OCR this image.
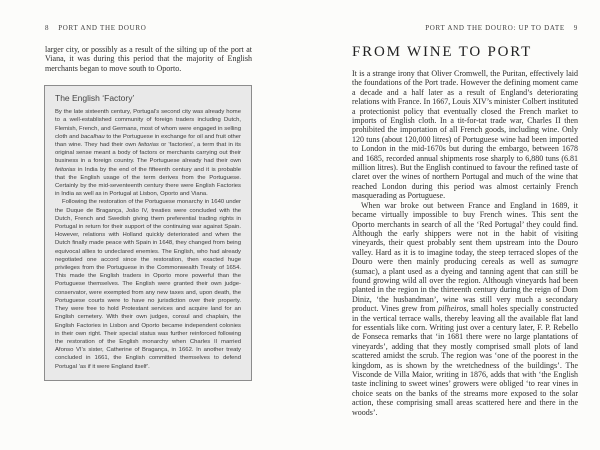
8 PORT AND THE DOURO

larger city, or possibly as a result of the silting up of the port at Viana, it was during this period that the majority of English merchants began to move south to Oporto.

The English ‘Factory’

By the late sixteenth century, Portugal’s second city was already home to a well-established community of foreign traders including Dutch, Flemish, French, and Germans, most of whom were engaged in selling cloth and bacalhau to the Portuguese in exchange for oil and fruit other than wine. They had their own feitorias or ‘factories’, a term that in its original sense meant a body of factors or merchants carrying out their business in a foreign country. The Portuguese already had their own feitorias in India by the end of the fifteenth century and it is probable that the English usage of the term derives from the Portuguese. Certainly by the mid-seventeenth century there were English Factories in India as well as in Portugal at Lisbon, Oporto and Viana.

Following the restoration of the Portuguese monarchy in 1640 under the Duque de Bragança, João IV, treaties were concluded with the Dutch, French and Swedish giving them preferential trading rights in Portugal in return for their support of the continuing war against Spain. However, relations with Holland quickly deteriorated and when the Dutch finally made peace with Spain in 1648, they changed from being equivocal allies to undeclared enemies. The English, who had already negotiated one accord since the restoration, then exacted huge privileges from the Portuguese in the Commonwealth Treaty of 1654. This made the English traders in Oporto more powerful than the Portuguese themselves. The English were granted their own judge-conservator, were exempted from any new taxes and, upon death, the Portuguese courts were to have no jurisdiction over their property. They were free to hold Protestant services and acquire land for an English cemetery. With their own judges, consul and chaplain, the English Factories in Lisbon and Oporto became independent colonies in their own right. Their special status was further reinforced following the restoration of the English monarchy when Charles II married Afonso VI’s sister, Catherine of Bragança, in 1662. In another treaty concluded in 1661, the English committed themselves to defend Portugal ‘as if it were England itself’.

PORT AND THE DOURO: UP TO DATE 9
FROM WINE TO PORT

It is a strange irony that Oliver Cromwell, the Puritan, effectively laid the foundations of the Port trade. However the defining moment came a decade and a half later as a result of England’s deteriorating relations with France. In 1667, Louis XIV’s minister Colbert instituted a protectionist policy that eventually closed the French market to imports of English cloth. In a tit-for-tat trade war, Charles II then prohibited the importation of all French goods, including wine. Only 120 tuns (about 120,000 litres) of Portuguese wine had been imported to London in the mid-1670s but during the embargo, between 1678 and 1685, recorded annual shipments rose sharply to 6,880 tuns (6.81 million litres). But the English continued to favour the refined taste of claret over the wines of northern Portugal and much of the wine that reached London during this period was almost certainly French masquerading as Portuguese.

When war broke out between France and England in 1689, it became virtually impossible to buy French wines. This sent the Oporto merchants in search of all the ‘Red Portugal’ they could find. Although the early shippers were not in the habit of visiting vineyards, their quest probably sent them upstream into the Douro valley. Hard as it is to imagine today, the steep terraced slopes of the Douro were then mainly producing cereals as well as sumagre (sumac), a plant used as a dyeing and tanning agent that can still be found growing wild all over the region. Although vineyards had been planted in the region in the thirteenth century during the reign of Dom Diniz, ‘the husbandman’, wine was still very much a secondary product. Vines grew from pilheiros, small holes specially constructed in the vertical terrace walls, thereby leaving all the available flat land for essentials like corn. Writing just over a century later, F. P. Rebello de Fonseca remarks that ‘in 1681 there were no large plantations of vineyards’, adding that they mostly comprised small plots of land scattered amidst the scrub. The region was ‘one of the poorest in the kingdom, as is shown by the wretchedness of the buildings’. The Visconde de Villa Maior, writing in 1876, adds that with ‘the English taste inclining to sweet wines’ growers were obliged ‘to rear vines in choice seats on the banks of the streams more exposed to the solar action, these comprising small areas scattered here and there in the woods’.
